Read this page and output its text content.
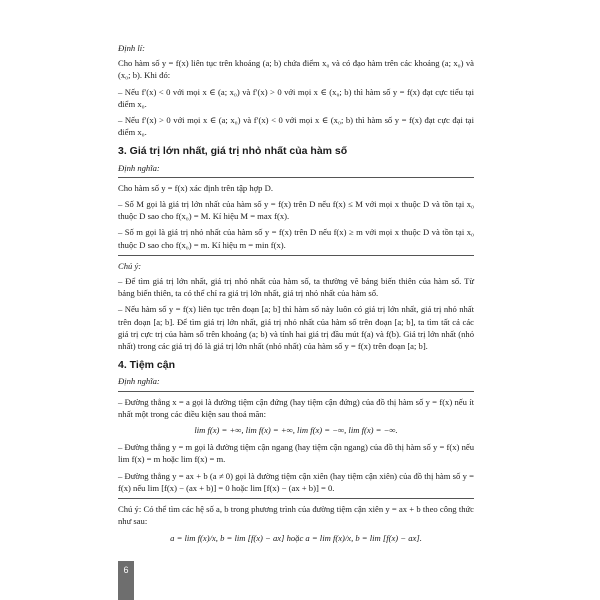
Định lí:

Cho hàm số y = f(x) liên tục trên khoảng (a; b) chứa điểm x₀ và có đạo hàm trên các khoảng (a; x₀) và (x₀; b). Khi đó:

– Nếu f′(x) < 0 với mọi x ∈ (a; x₀) và f′(x) > 0 với mọi x ∈ (x₀; b) thì hàm số y = f(x) đạt cực tiểu tại điểm x₀.

– Nếu f′(x) > 0 với mọi x ∈ (a; x₀) và f′(x) < 0 với mọi x ∈ (x₀; b) thì hàm số y = f(x) đạt cực đại tại điểm x₀.

3. Giá trị lớn nhất, giá trị nhỏ nhất của hàm số
Định nghĩa:

Cho hàm số y = f(x) xác định trên tập hợp D.

– Số M gọi là giá trị lớn nhất của hàm số y = f(x) trên D nếu f(x) ≤ M với mọi x thuộc D và tồn tại x₀ thuộc D sao cho f(x₀) = M. Kí hiệu M = max f(x).

– Số m gọi là giá trị nhỏ nhất của hàm số y = f(x) trên D nếu f(x) ≥ m với mọi x thuộc D và tồn tại x₀ thuộc D sao cho f(x₀) = m. Kí hiệu m = min f(x).

Chú ý:

– Để tìm giá trị lớn nhất, giá trị nhỏ nhất của hàm số, ta thường vẽ bảng biến thiên của hàm số. Từ bảng biến thiên, ta có thể chỉ ra giá trị lớn nhất, giá trị nhỏ nhất của hàm số.

– Nếu hàm số y = f(x) liên tục trên đoạn [a; b] thì hàm số này luôn có giá trị lớn nhất, giá trị nhỏ nhất trên đoạn [a; b]. Để tìm giá trị lớn nhất, giá trị nhỏ nhất của hàm số trên đoạn [a; b], ta tìm tất cả các giá trị cực trị của hàm số trên khoảng (a; b) và tính hai giá trị đầu mút f(a) và f(b). Giá trị lớn nhất (nhỏ nhất) trong các giá trị đó là giá trị lớn nhất (nhỏ nhất) của hàm số y = f(x) trên đoạn [a; b].

4. Tiệm cận
Định nghĩa:

– Đường thẳng x = a gọi là đường tiệm cận đứng (hay tiệm cận đứng) của đồ thị hàm số y = f(x) nếu ít nhất một trong các điều kiện sau thoả mãn:

lim f(x) = +∞, lim f(x) = +∞, lim f(x) = −∞, lim f(x) = −∞.

– Đường thẳng y = m gọi là đường tiệm cận ngang (hay tiệm cận ngang) của đồ thị hàm số y = f(x) nếu lim f(x) = m hoặc lim f(x) = m.

– Đường thẳng y = ax + b (a ≠ 0) gọi là đường tiệm cận xiên (hay tiệm cận xiên) của đồ thị hàm số y = f(x) nếu lim [f(x) − (ax + b)] = 0 hoặc lim [f(x) − (ax + b)] = 0.

Chú ý: Có thể tìm các hệ số a, b trong phương trình của đường tiệm cận xiên y = ax + b theo công thức như sau:

a = lim f(x)/x, b = lim [f(x) − ax] hoặc a = lim f(x)/x, b = lim [f(x) − ax].
6
